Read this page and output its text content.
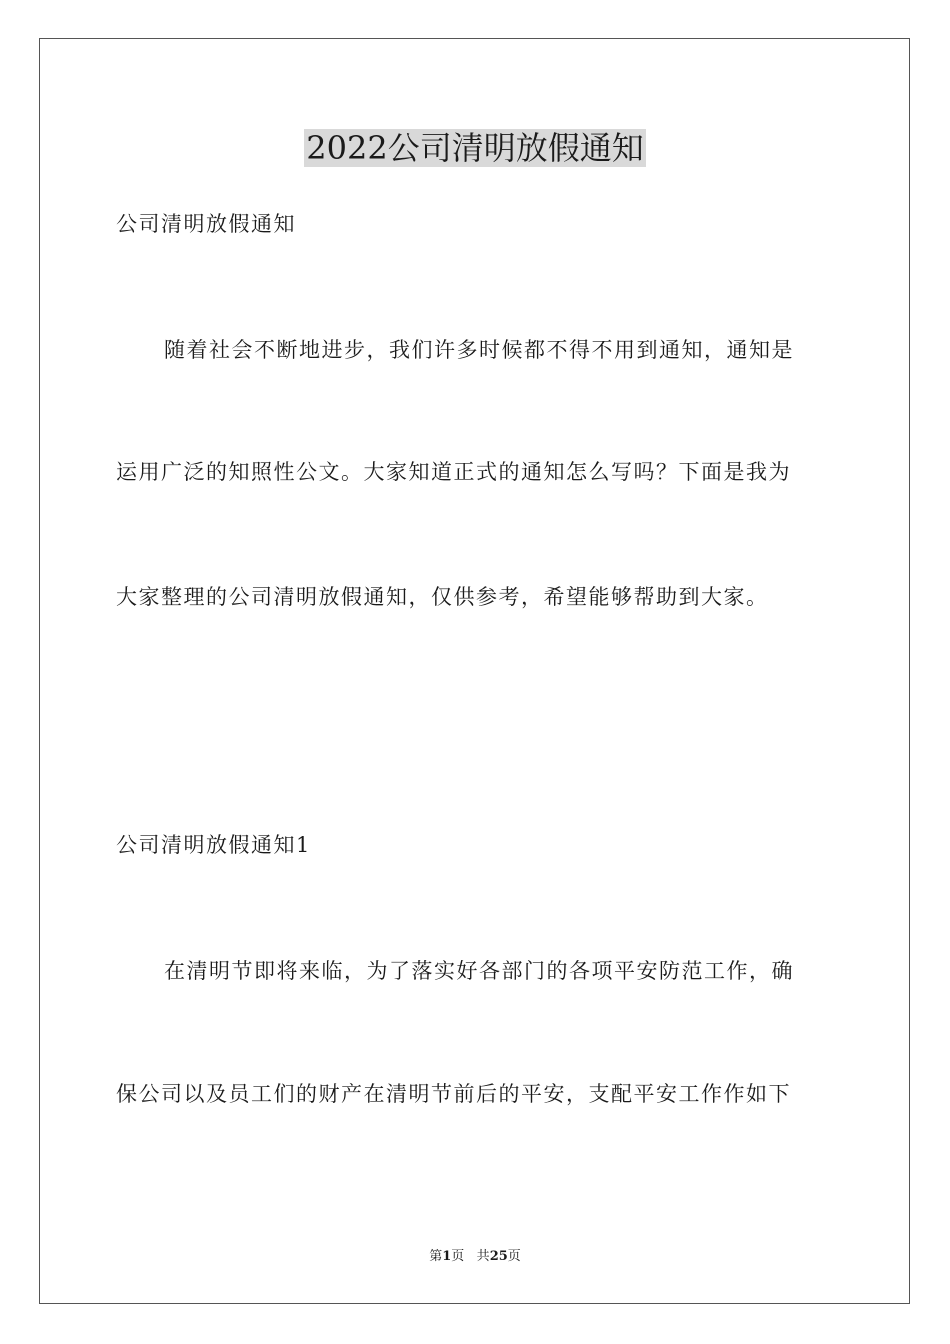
2022公司清明放假通知
公司清明放假通知
随着社会不断地进步，我们许多时候都不得不用到通知，通知是
运用广泛的知照性公文。大家知道正式的通知怎么写吗？下面是我为
大家整理的公司清明放假通知，仅供参考，希望能够帮助到大家。
公司清明放假通知1
在清明节即将来临，为了落实好各部门的各项平安防范工作，确
保公司以及员工们的财产在清明节前后的平安，支配平安工作作如下
第1页 共25页
